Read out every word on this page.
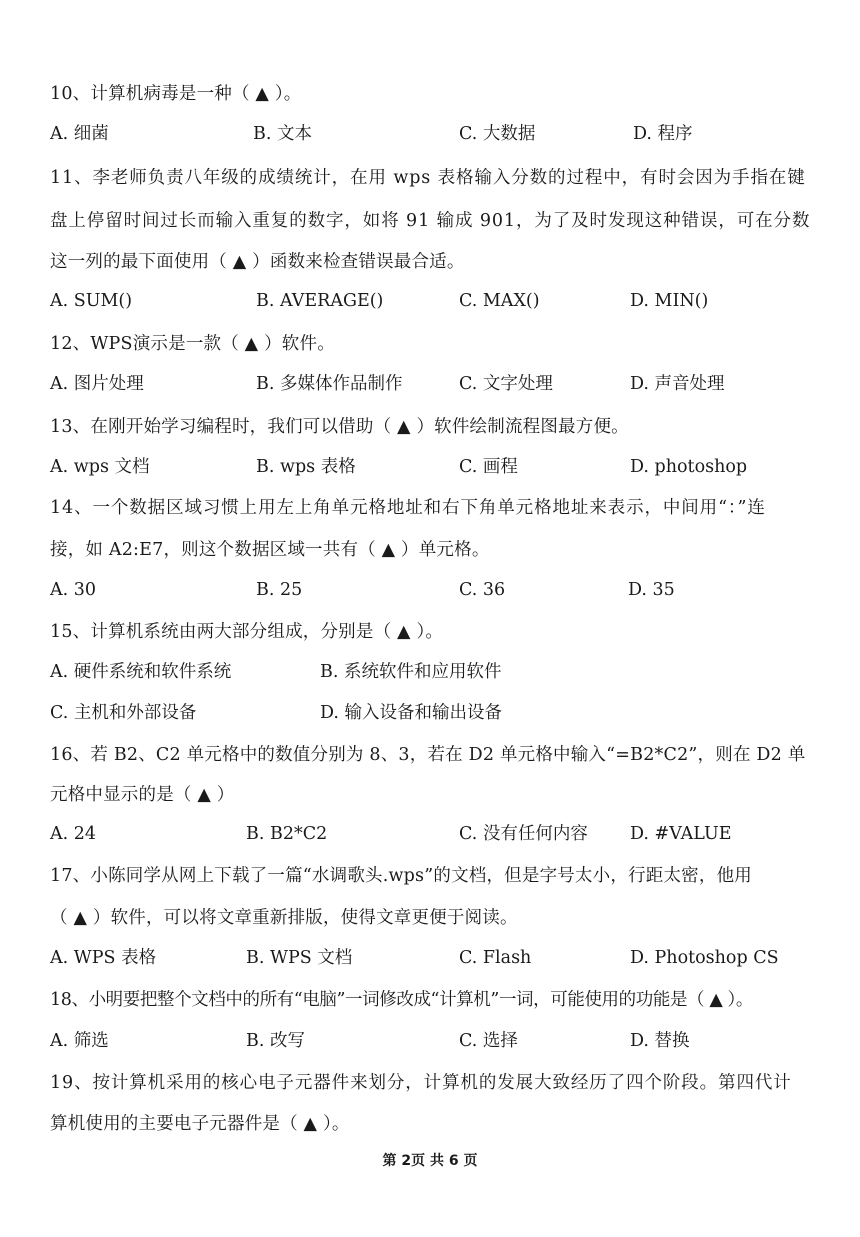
10、计算机病毒是一种（ ▲ ）。
A. 细菌	B. 文本	C. 大数据	D. 程序
11、李老师负责八年级的成绩统计，在用 wps 表格输入分数的过程中，有时会因为手指在键
盘上停留时间过长而输入重复的数字，如将 91 输成 901，为了及时发现这种错误，可在分数
这一列的最下面使用（ ▲ ）函数来检查错误最合适。
A. SUM()	B. AVERAGE()	C. MAX()	D. MIN()
12、WPS演示是一款（ ▲ ）软件。
A. 图片处理	B. 多媒体作品制作	C. 文字处理	D. 声音处理
13、在刚开始学习编程时，我们可以借助（ ▲ ）软件绘制流程图最方便。
A. wps 文档	B. wps 表格	C. 画程	D. photoshop
14、一个数据区域习惯上用左上角单元格地址和右下角单元格地址来表示，中间用“：”连
接，如 A2:E7，则这个数据区域一共有（ ▲ ）单元格。
A. 30	B. 25	C. 36	D. 35
15、计算机系统由两大部分组成，分别是（ ▲ ）。
A. 硬件系统和软件系统	B. 系统软件和应用软件
C. 主机和外部设备	D. 输入设备和输出设备
16、若 B2、C2 单元格中的数值分别为 8、3，若在 D2 单元格中输入“=B2*C2”，则在 D2 单
元格中显示的是（ ▲ ）
A. 24	B. B2*C2	C. 没有任何内容 D. #VALUE
17、小陈同学从网上下载了一篇“水调歌头.wps”的文档，但是字号太小，行距太密，他用
（ ▲ ）软件，可以将文章重新排版，使得文章更便于阅读。
A. WPS 表格	B. WPS 文档	C. Flash	D. Photoshop CS
18、小明要把整个文档中的所有“电脑”一词修改成“计算机”一词，可能使用的功能是（ ▲ ）。
A. 筛选	B. 改写	C. 选择	D. 替换
19、按计算机采用的核心电子元器件来划分，计算机的发展大致经历了四个阶段。第四代计
算机使用的主要电子元器件是（ ▲ ）。
第 2页 共 6 页
